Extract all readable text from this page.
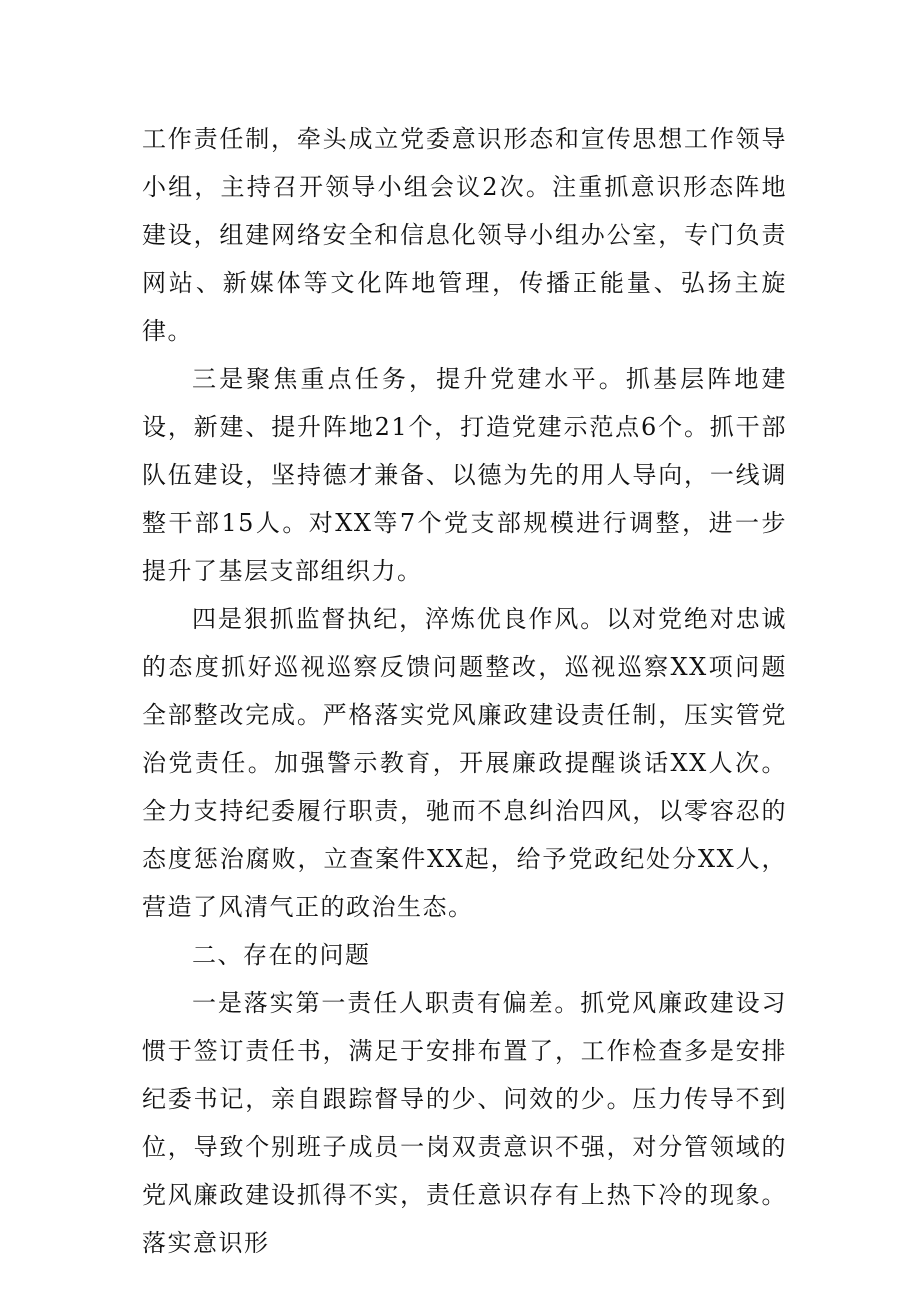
工作责任制，牵头成立党委意识形态和宣传思想工作领导小组，主持召开领导小组会议2次。注重抓意识形态阵地建设，组建网络安全和信息化领导小组办公室，专门负责网站、新媒体等文化阵地管理，传播正能量、弘扬主旋律。

三是聚焦重点任务，提升党建水平。抓基层阵地建设，新建、提升阵地21个，打造党建示范点6个。抓干部队伍建设，坚持德才兼备、以德为先的用人导向，一线调整干部15人。对XX等7个党支部规模进行调整，进一步提升了基层支部组织力。

四是狠抓监督执纪，淬炼优良作风。以对党绝对忠诚的态度抓好巡视巡察反馈问题整改，巡视巡察XX项问题全部整改完成。严格落实党风廉政建设责任制，压实管党治党责任。加强警示教育，开展廉政提醒谈话XX人次。全力支持纪委履行职责，驰而不息纠治四风，以零容忍的态度惩治腐败，立查案件XX起，给予党政纪处分XX人，营造了风清气正的政治生态。

二、存在的问题

一是落实第一责任人职责有偏差。抓党风廉政建设习惯于签订责任书，满足于安排布置了，工作检查多是安排纪委书记，亲自跟踪督导的少、问效的少。压力传导不到位，导致个别班子成员一岗双责意识不强，对分管领域的党风廉政建设抓得不实，责任意识存有上热下冷的现象。落实意识形
